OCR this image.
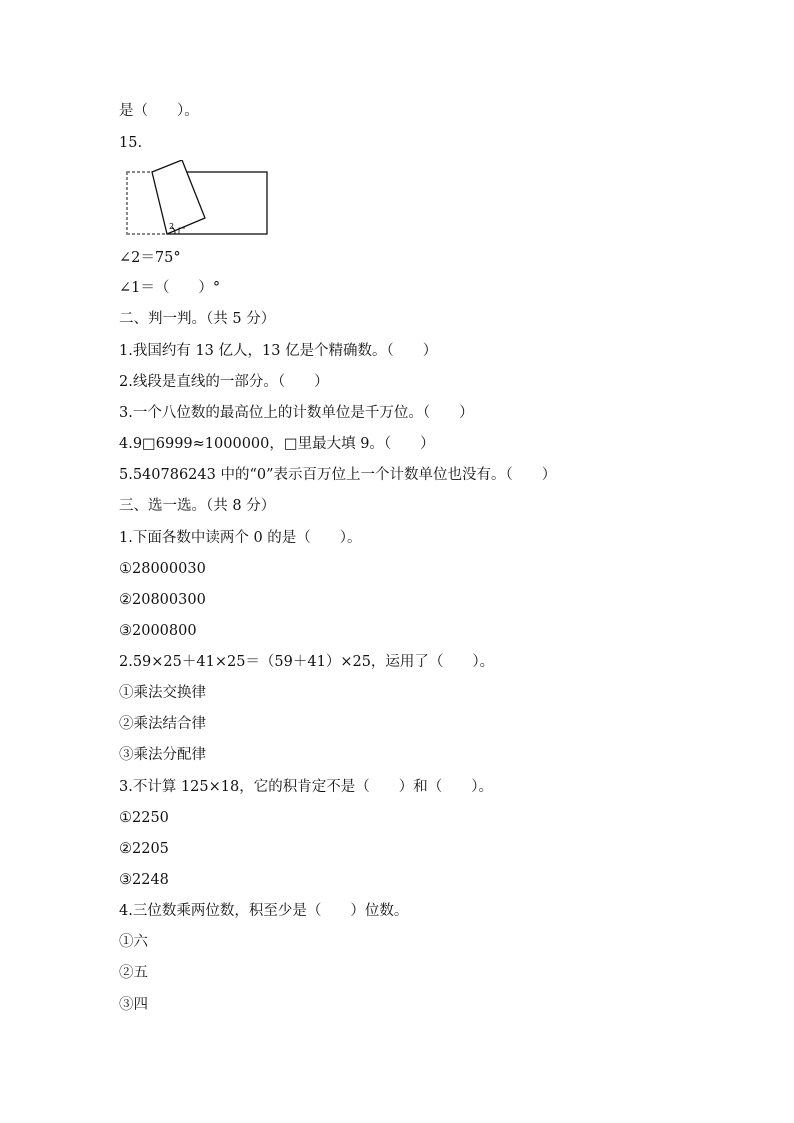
是（　　）。
15.
2
∠2＝75°
∠1＝（　　）°
二、判一判。（共 5 分）
1.我国约有 13 亿人，13 亿是个精确数。（　　）
2.线段是直线的一部分。（　　）
3.一个八位数的最高位上的计数单位是千万位。（　　）
4.9□6999≈1000000，□里最大填 9。（　　）
5.540786243 中的“0”表示百万位上一个计数单位也没有。（　　）
三、选一选。（共 8 分）
1.下面各数中读两个 0 的是（　　）。
①28000030
②20800300
③2000800
2.59×25＋41×25＝（59＋41）×25，运用了（　　）。
①乘法交换律
②乘法结合律
③乘法分配律
3.不计算 125×18，它的积肯定不是（　　）和（　　）。
①2250
②2205
③2248
4.三位数乘两位数，积至少是（　　）位数。
①六
②五
③四
